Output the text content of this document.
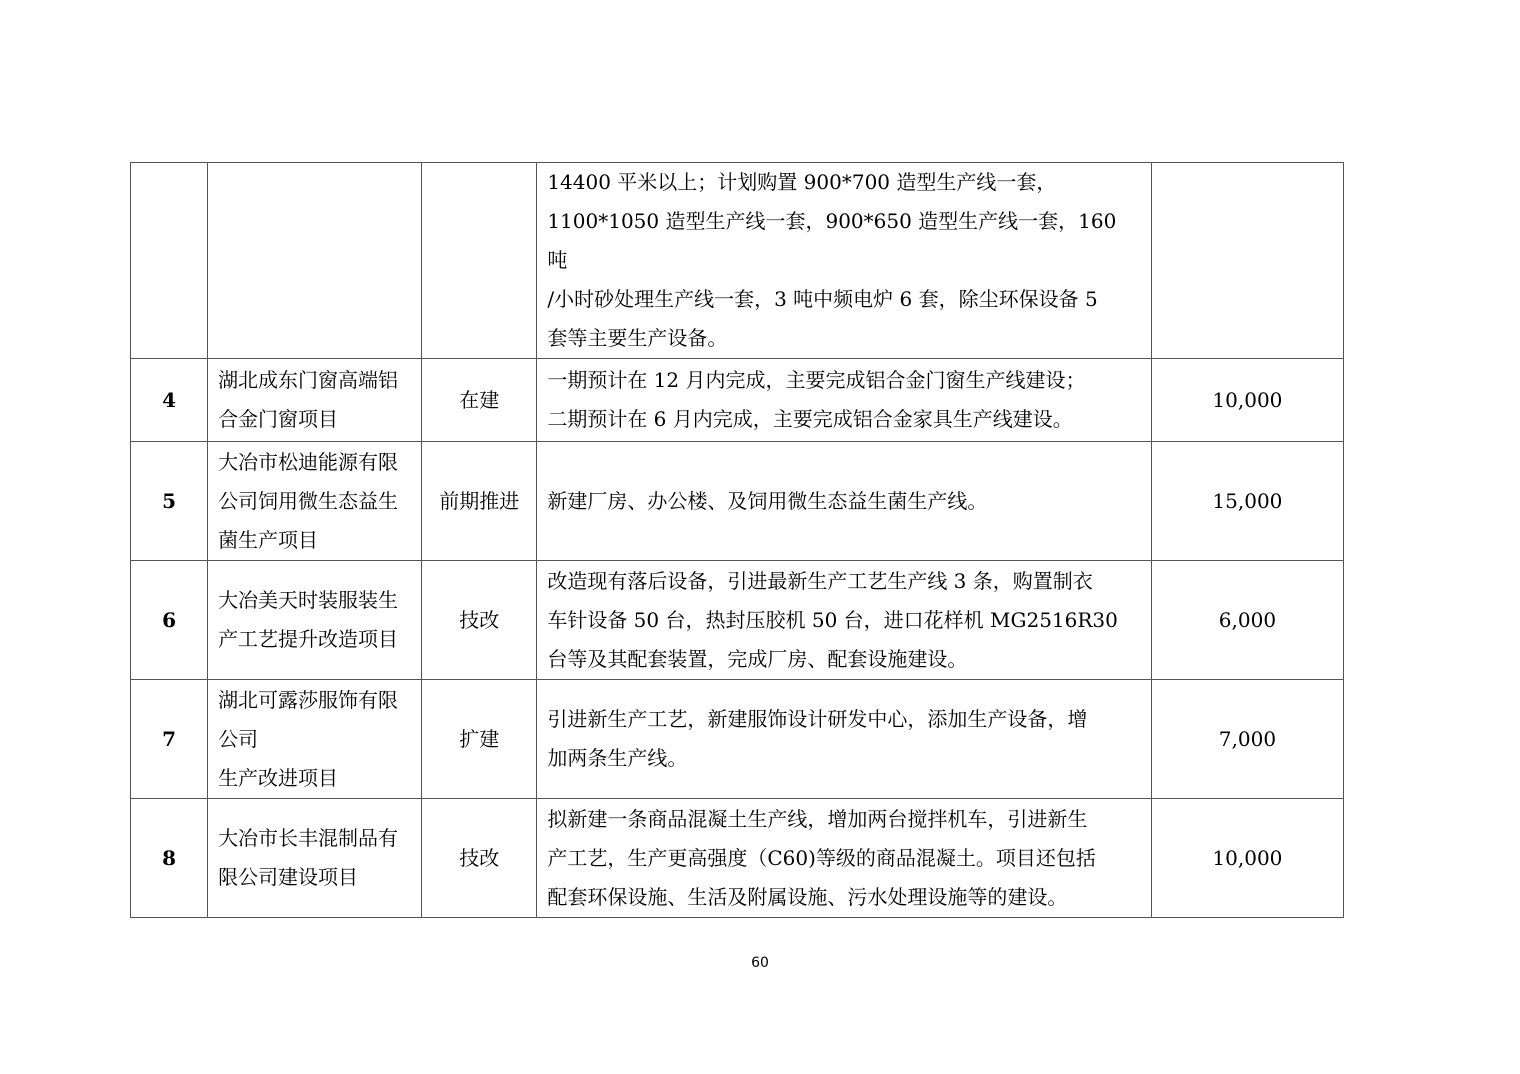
			14400 平米以上；计划购置 900*700 造型生产线一套，
1100*1050 造型生产线一套，900*650 造型生产线一套，160 吨
/小时砂处理生产线一套，3 吨中频电炉 6 套，除尘环保设备 5
套等主要生产设备。	
4	湖北成东门窗高端铝
合金门窗项目	在建	一期预计在 12 月内完成，主要完成铝合金门窗生产线建设；
二期预计在 6 月内完成，主要完成铝合金家具生产线建设。	10,000
5	大冶市松迪能源有限
公司饲用微生态益生
菌生产项目	前期推进	新建厂房、办公楼、及饲用微生态益生菌生产线。	15,000
6	大冶美天时装服装生
产工艺提升改造项目	技改	改造现有落后设备，引进最新生产工艺生产线 3 条，购置制衣
车针设备 50 台，热封压胶机 50 台，进口花样机 MG2516R30
台等及其配套装置，完成厂房、配套设施建设。	6,000
7	湖北可露莎服饰有限
公司
生产改进项目	扩建	引进新生产工艺，新建服饰设计研发中心，添加生产设备，增
加两条生产线。	7,000
8	大冶市长丰混制品有
限公司建设项目	技改	拟新建一条商品混凝土生产线，增加两台搅拌机车，引进新生
产工艺，生产更高强度（C60)等级的商品混凝土。项目还包括
配套环保设施、生活及附属设施、污水处理设施等的建设。	10,000
60
